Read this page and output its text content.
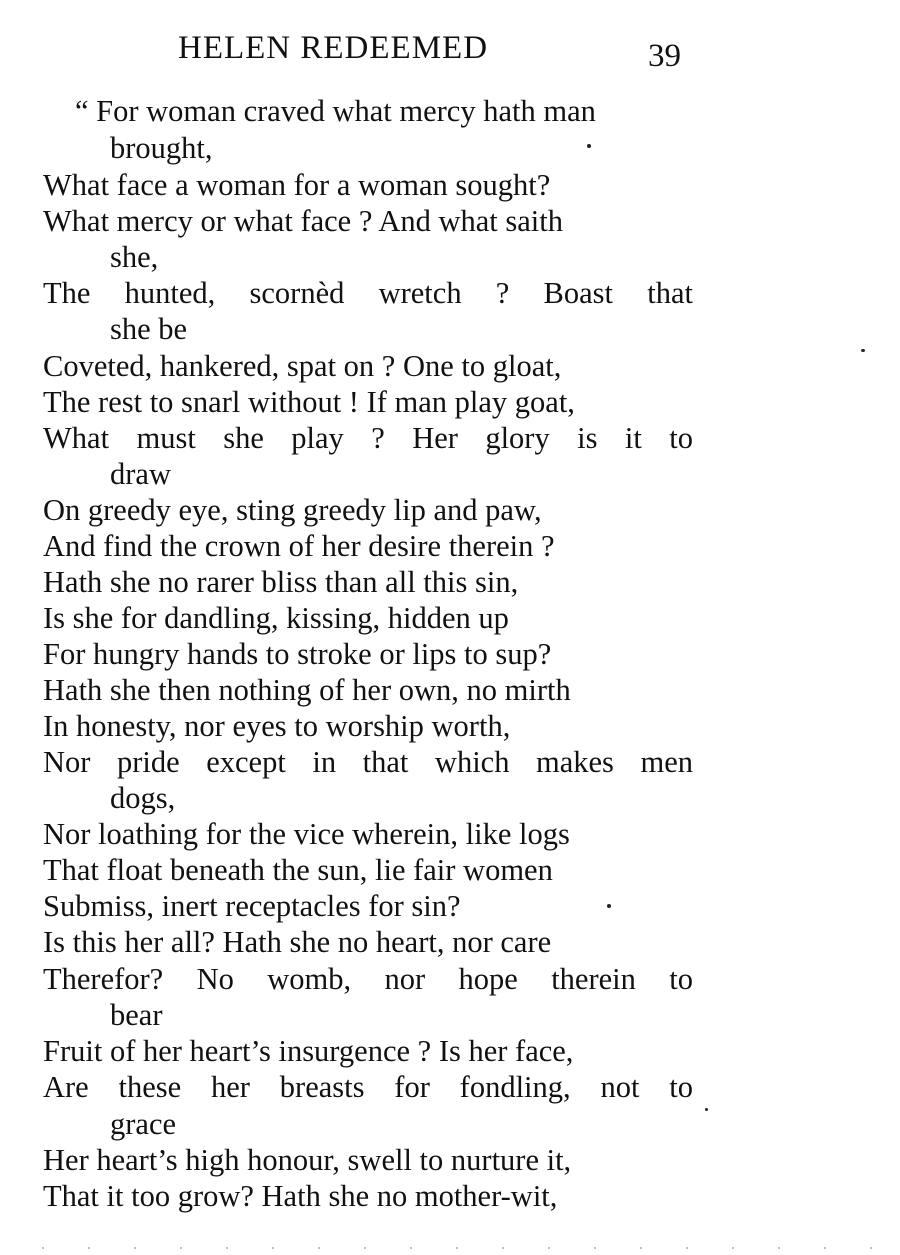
HELEN REDEEMED	39
“ For woman craved what mercy hath man
brought,
What face a woman for a woman sought?
What mercy or what face ? And what saith
she,
The hunted, scornèd wretch ? Boast that
she be
Coveted, hankered, spat on ? One to gloat,
The rest to snarl without ! If man play goat,
What must she play ? Her glory is it to
draw
On greedy eye, sting greedy lip and paw,
And find the crown of her desire therein ?
Hath she no rarer bliss than all this sin,
Is she for dandling, kissing, hidden up
For hungry hands to stroke or lips to sup?
Hath she then nothing of her own, no mirth
In honesty, nor eyes to worship worth,
Nor pride except in that which makes men
dogs,
Nor loathing for the vice wherein, like logs
That float beneath the sun, lie fair women
Submiss, inert receptacles for sin?
Is this her all? Hath she no heart, nor care
Therefor? No womb, nor hope therein to
bear
Fruit of her heart’s insurgence ? Is her face,
Are these her breasts for fondling, not to
grace
Her heart’s high honour, swell to nurture it,
That it too grow? Hath she no mother-wit,
